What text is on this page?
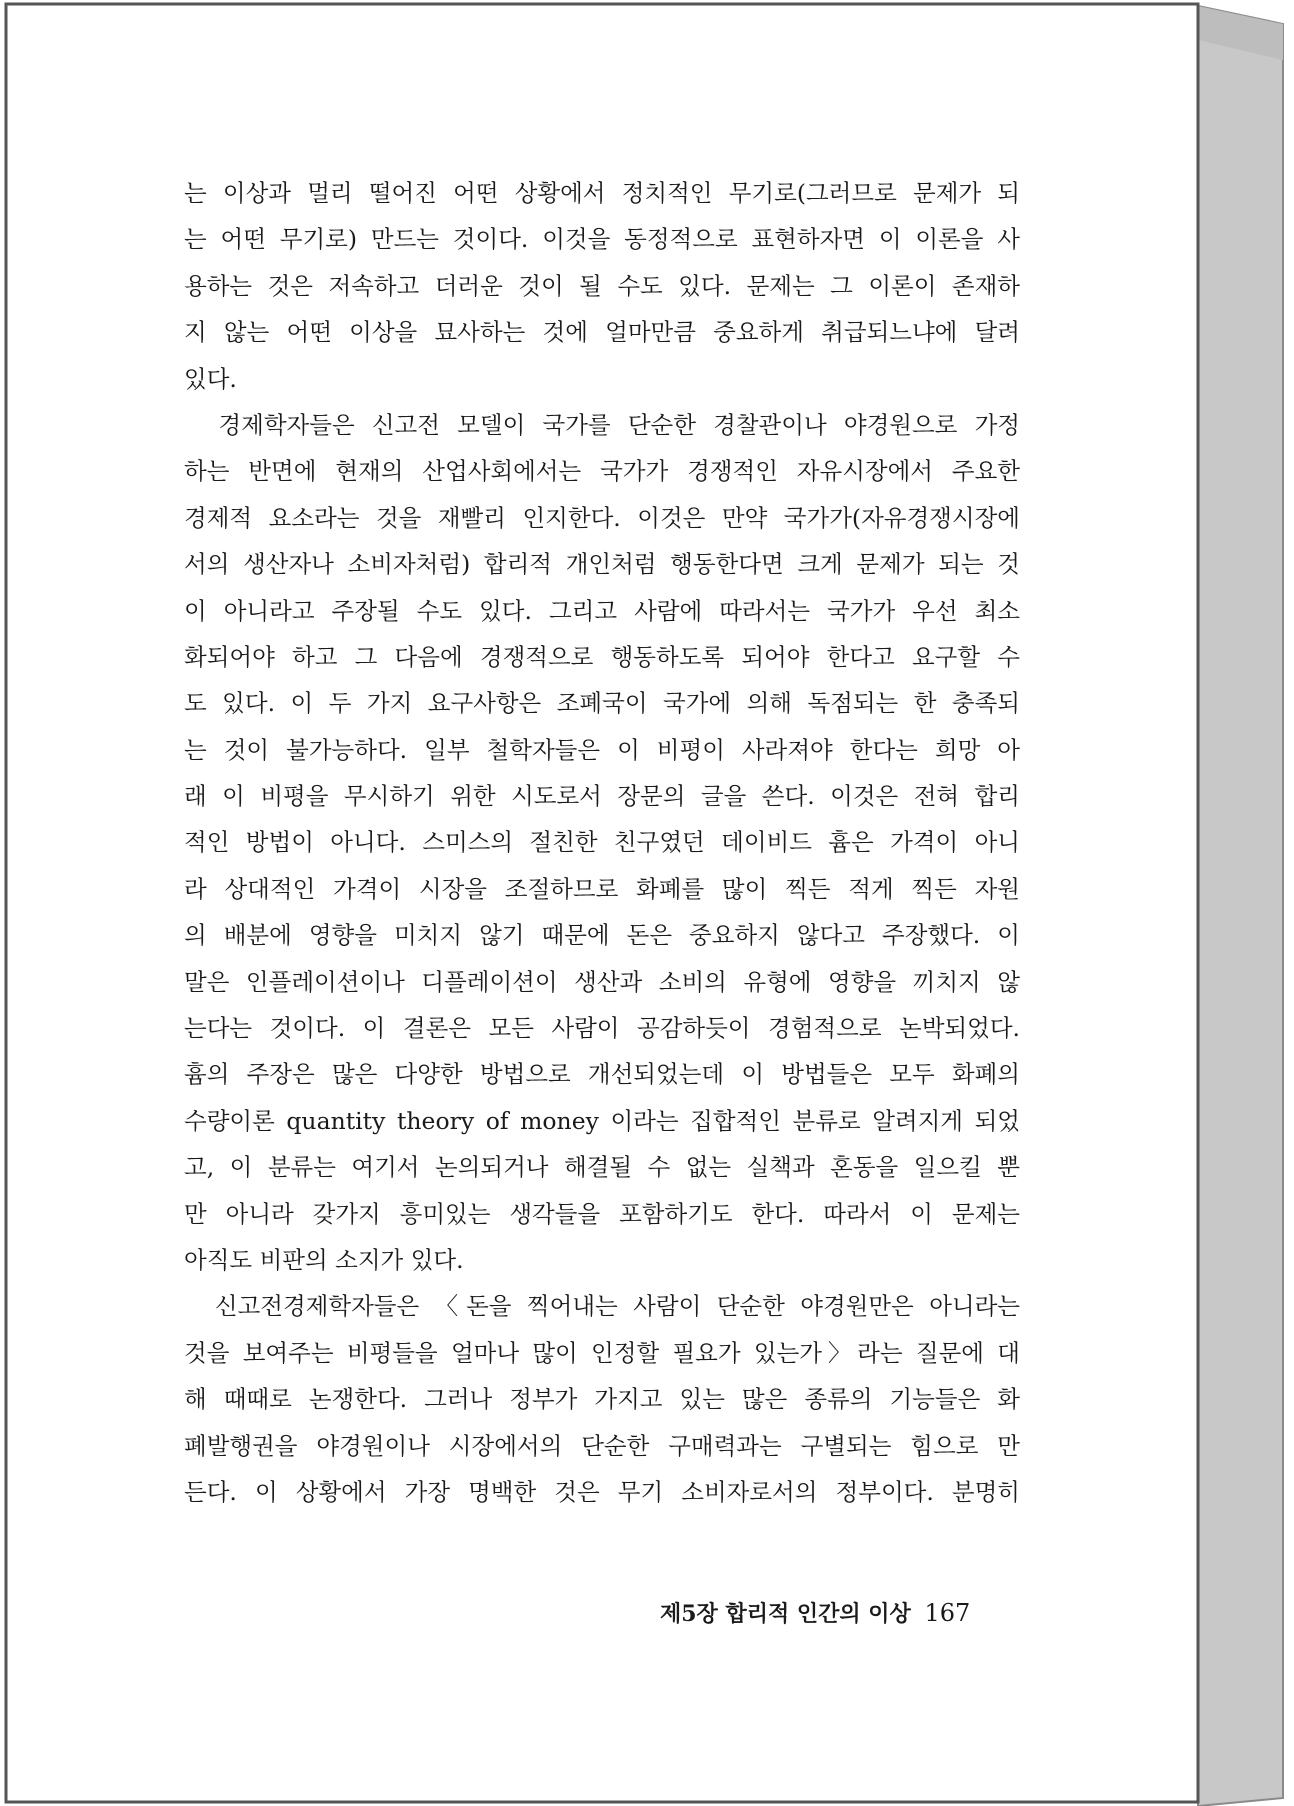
는 이상과 멀리 떨어진 어떤 상황에서 정치적인 무기로(그러므로 문제가 되
는 어떤 무기로) 만드는 것이다. 이것을 동정적으로 표현하자면 이 이론을 사
용하는 것은 저속하고 더러운 것이 될 수도 있다. 문제는 그 이론이 존재하
지 않는 어떤 이상을 묘사하는 것에 얼마만큼 중요하게 취급되느냐에 달려
있다.
경제학자들은 신고전 모델이 국가를 단순한 경찰관이나 야경원으로 가정
하는 반면에 현재의 산업사회에서는 국가가 경쟁적인 자유시장에서 주요한
경제적 요소라는 것을 재빨리 인지한다. 이것은 만약 국가가(자유경쟁시장에
서의 생산자나 소비자처럼) 합리적 개인처럼 행동한다면 크게 문제가 되는 것
이 아니라고 주장될 수도 있다. 그리고 사람에 따라서는 국가가 우선 최소
화되어야 하고 그 다음에 경쟁적으로 행동하도록 되어야 한다고 요구할 수
도 있다. 이 두 가지 요구사항은 조폐국이 국가에 의해 독점되는 한 충족되
는 것이 불가능하다. 일부 철학자들은 이 비평이 사라져야 한다는 희망 아
래 이 비평을 무시하기 위한 시도로서 장문의 글을 쓴다. 이것은 전혀 합리
적인 방법이 아니다. 스미스의 절친한 친구였던 데이비드 흄은 가격이 아니
라 상대적인 가격이 시장을 조절하므로 화폐를 많이 찍든 적게 찍든 자원
의 배분에 영향을 미치지 않기 때문에 돈은 중요하지 않다고 주장했다. 이
말은 인플레이션이나 디플레이션이 생산과 소비의 유형에 영향을 끼치지 않
는다는 것이다. 이 결론은 모든 사람이 공감하듯이 경험적으로 논박되었다.
흄의 주장은 많은 다양한 방법으로 개선되었는데 이 방법들은 모두 화폐의
수량이론 quantity theory of money 이라는 집합적인 분류로 알려지게 되었
고, 이 분류는 여기서 논의되거나 해결될 수 없는 실책과 혼동을 일으킬 뿐
만 아니라 갖가지 흥미있는 생각들을 포함하기도 한다. 따라서 이 문제는
아직도 비판의 소지가 있다.
신고전경제학자들은 〈돈을 찍어내는 사람이 단순한 야경원만은 아니라는
것을 보여주는 비평들을 얼마나 많이 인정할 필요가 있는가〉라는 질문에 대
해 때때로 논쟁한다. 그러나 정부가 가지고 있는 많은 종류의 기능들은 화
폐발행권을 야경원이나 시장에서의 단순한 구매력과는 구별되는 힘으로 만
든다. 이 상황에서 가장 명백한 것은 무기 소비자로서의 정부이다. 분명히
제5장 합리적 인간의 이상 167
